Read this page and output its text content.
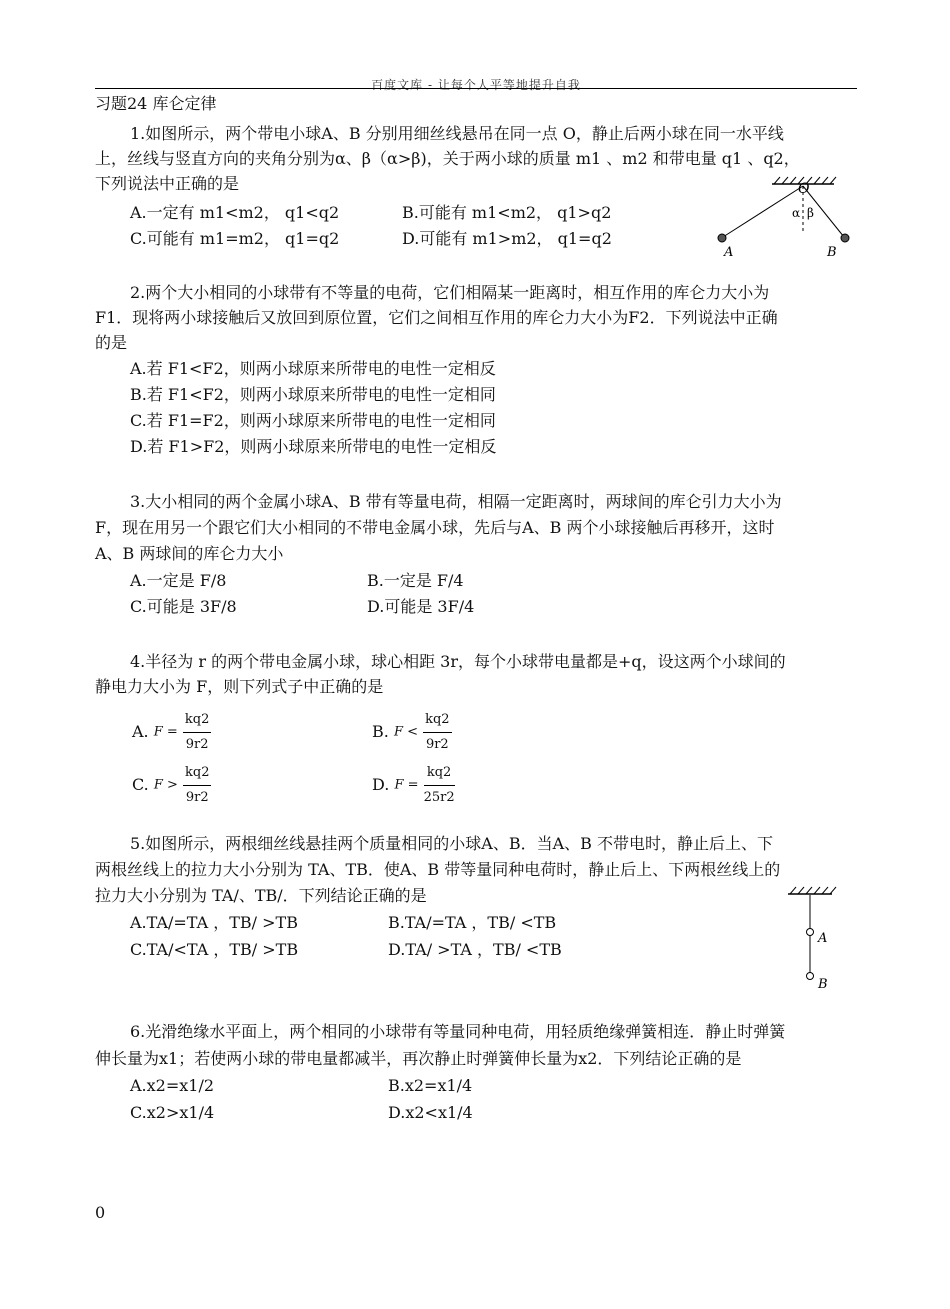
百度文库 - 让每个人平等地提升自我
习题24 库仑定律
1.如图所示，两个带电小球A、B 分别用细丝线悬吊在同一点 O，静止后两小球在同一水平线
上，丝线与竖直方向的夹角分别为α、β（α>β)，关于两小球的质量 m1 、m2 和带电量 q1 、q2，
下列说法中正确的是
A.一定有 m1<m2， q1<q2	B.可能有 m1<m2， q1>q2
C.可能有 m1=m2， q1=q2	D.可能有 m1>m2， q1=q2
O
α β
A	B
2.两个大小相同的小球带有不等量的电荷，它们相隔某一距离时，相互作用的库仑力大小为
F1．现将两小球接触后又放回到原位置，它们之间相互作用的库仑力大小为F2．下列说法中正确
的是
A.若 F1<F2，则两小球原来所带电的电性一定相反
B.若 F1<F2，则两小球原来所带电的电性一定相同
C.若 F1=F2，则两小球原来所带电的电性一定相同
D.若 F1>F2，则两小球原来所带电的电性一定相反
3.大小相同的两个金属小球A、B 带有等量电荷，相隔一定距离时，两球间的库仑引力大小为
F，现在用另一个跟它们大小相同的不带电金属小球，先后与A、B 两个小球接触后再移开，这时
A、B 两球间的库仑力大小
A.一定是 F/8	B.一定是 F/4
C.可能是 3F/8	D.可能是 3F/4
4.半径为 r 的两个带电金属小球，球心相距 3r，每个小球带电量都是+q，设这两个小球间的
静电力大小为 F，则下列式子中正确的是
A. $F = \frac{kq2}{9r2}$	B. $F < \frac{kq2}{9r2}$
C. $F > \frac{kq2}{9r2}$	D. $F = \frac{kq2}{25r2}$
5.如图所示，两根细丝线悬挂两个质量相同的小球A、B．当A、B 不带电时，静止后上、下
两根丝线上的拉力大小分别为 TA、TB．使A、B 带等量同种电荷时，静止后上、下两根丝线上的
拉力大小分别为 TA/、TB/．下列结论正确的是
A.TA/=TA ，TB/ >TB	B.TA/=TA ，TB/ <TB
C.TA/<TA ，TB/ >TB	D.TA/ >TA ，TB/ <TB
A
B
6.光滑绝缘水平面上，两个相同的小球带有等量同种电荷，用轻质绝缘弹簧相连．静止时弹簧
伸长量为x1；若使两小球的带电量都减半，再次静止时弹簧伸长量为x2．下列结论正确的是
A.x2=x1/2	B.x2=x1/4
C.x2>x1/4	D.x2<x1/4
0
